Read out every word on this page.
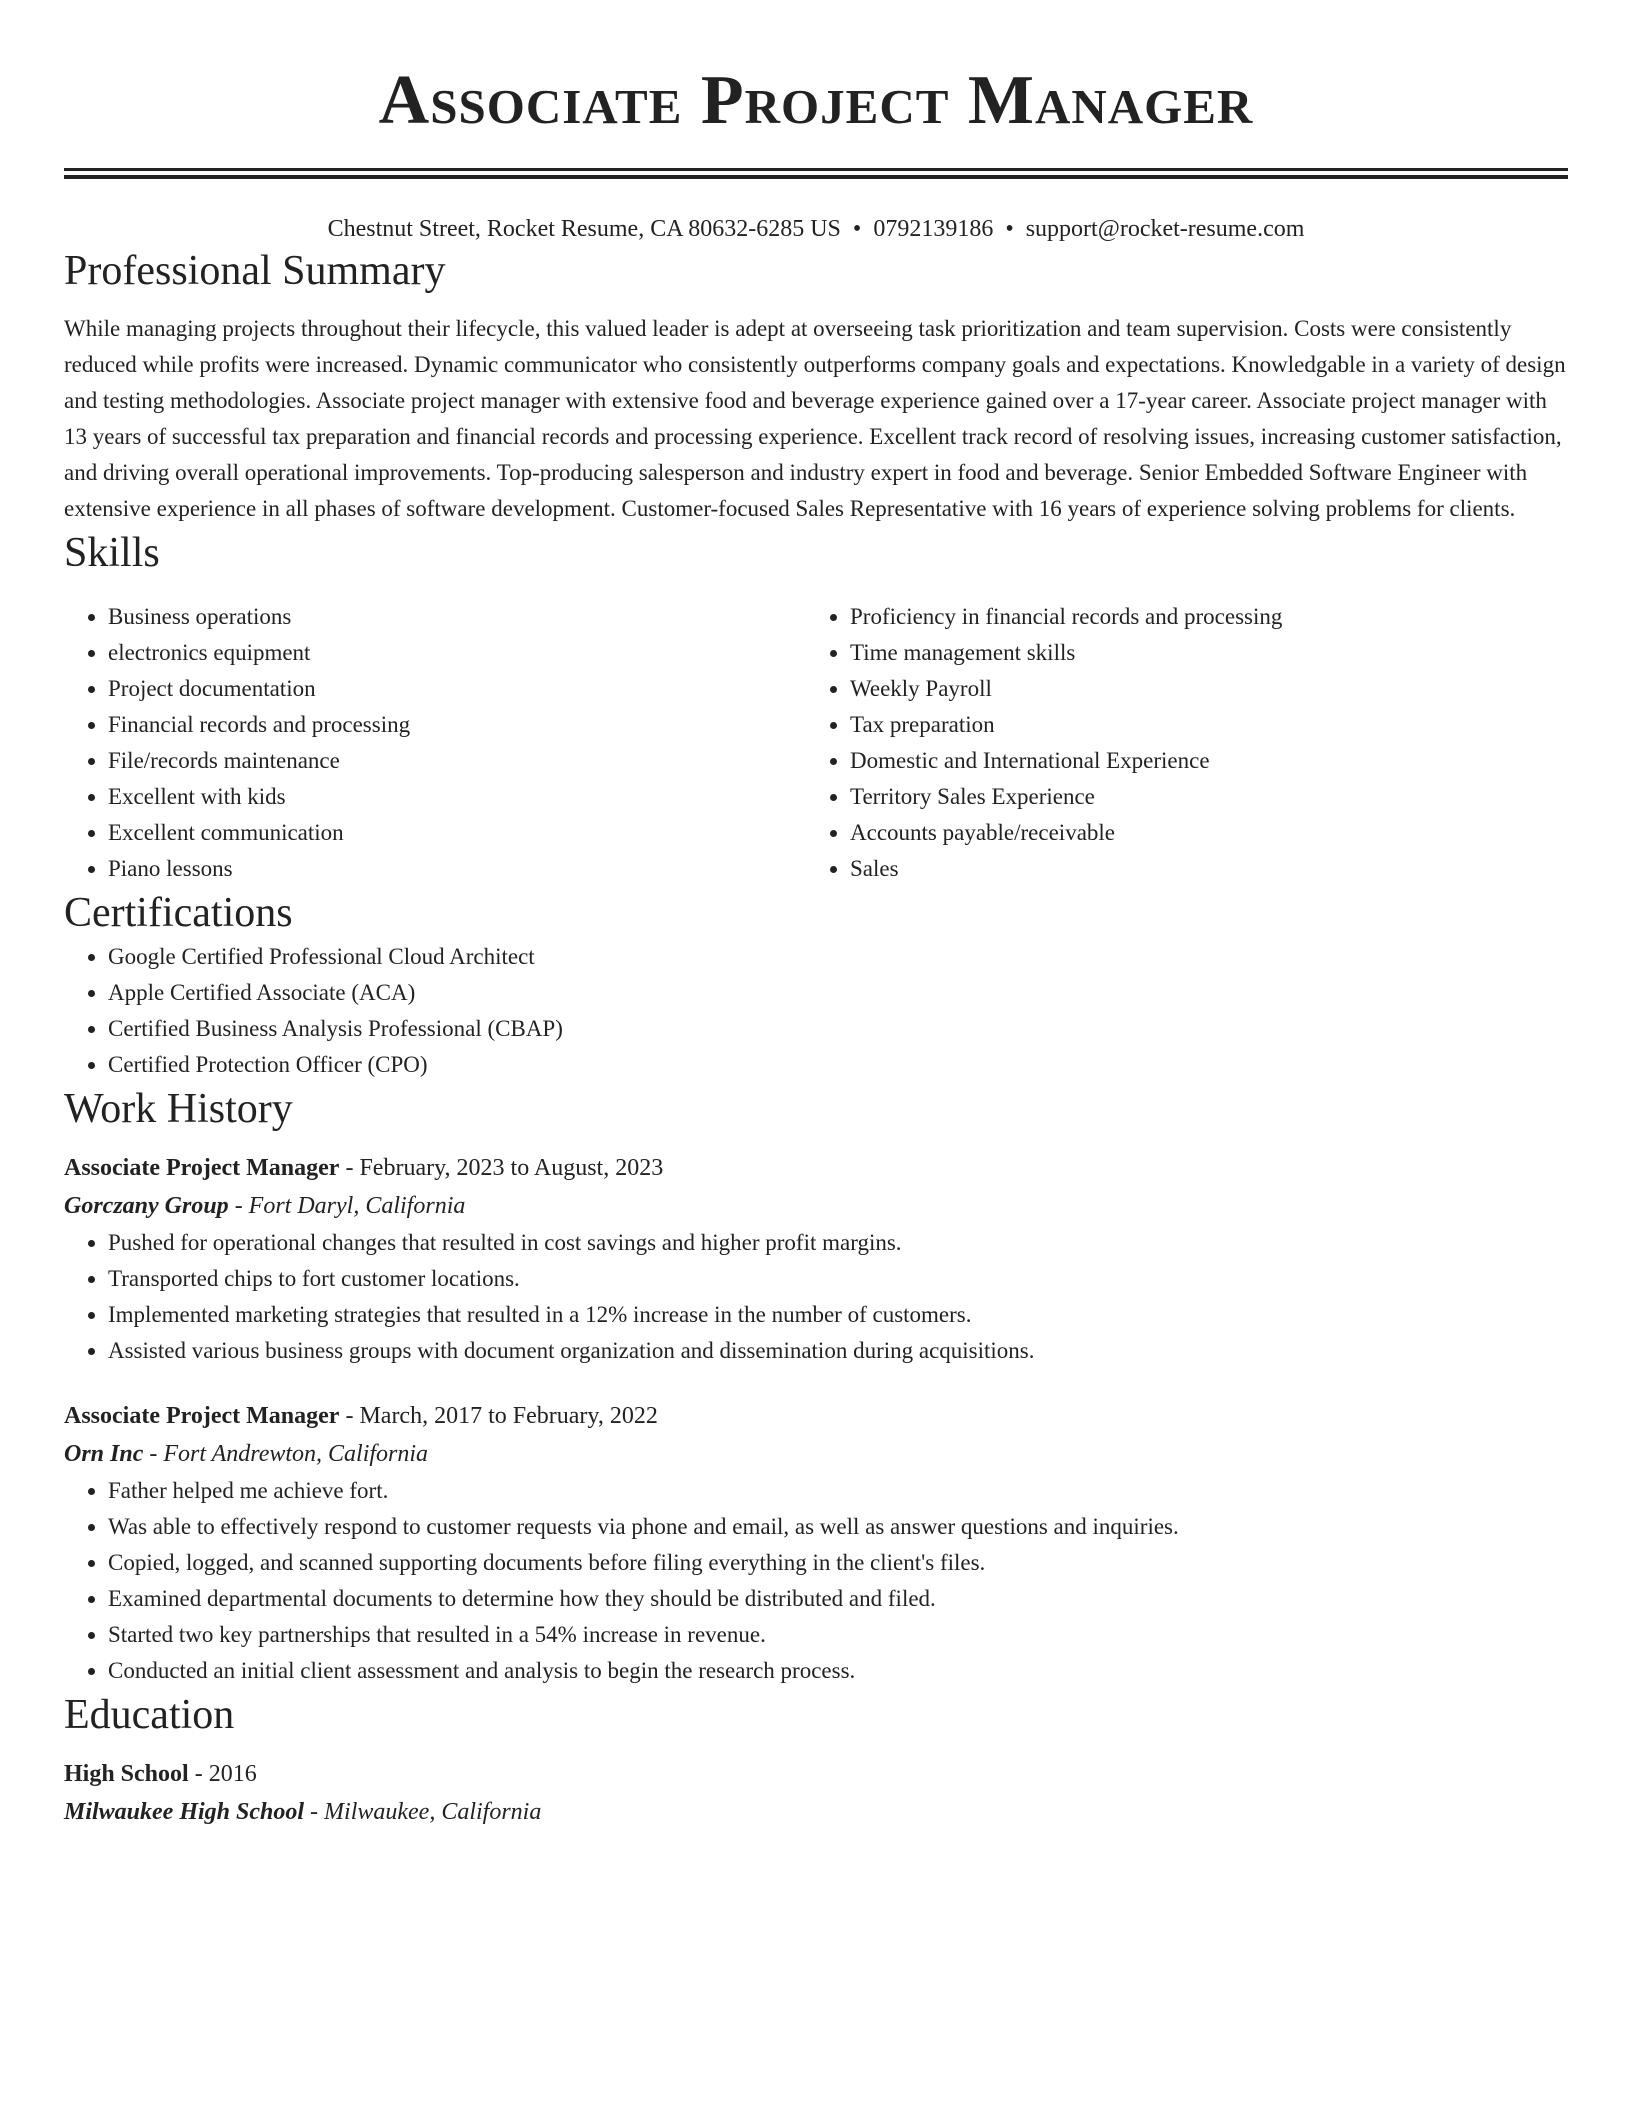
Associate Project Manager
Chestnut Street, Rocket Resume, CA 80632-6285 US • 0792139186 • support@rocket-resume.com
Professional Summary

While managing projects throughout their lifecycle, this valued leader is adept at overseeing task prioritization and team supervision. Costs were consistently reduced while profits were increased. Dynamic communicator who consistently outperforms company goals and expectations. Knowledgable in a variety of design and testing methodologies. Associate project manager with extensive food and beverage experience gained over a 17-year career. Associate project manager with 13 years of successful tax preparation and financial records and processing experience. Excellent track record of resolving issues, increasing customer satisfaction, and driving overall operational improvements. Top-producing salesperson and industry expert in food and beverage. Senior Embedded Software Engineer with extensive experience in all phases of software development. Customer-focused Sales Representative with 16 years of experience solving problems for clients.

Skills
• Business operations
• electronics equipment
• Project documentation
• Financial records and processing
• File/records maintenance
• Excellent with kids
• Excellent communication
• Piano lessons
• Proficiency in financial records and processing
• Time management skills
• Weekly Payroll
• Tax preparation
• Domestic and International Experience
• Territory Sales Experience
• Accounts payable/receivable
• Sales
Certifications
• Google Certified Professional Cloud Architect
• Apple Certified Associate (ACA)
• Certified Business Analysis Professional (CBAP)
• Certified Protection Officer (CPO)
Work History
Associate Project Manager - February, 2023 to August, 2023
Gorczany Group - Fort Daryl, California
• Pushed for operational changes that resulted in cost savings and higher profit margins.
• Transported chips to fort customer locations.
• Implemented marketing strategies that resulted in a 12% increase in the number of customers.
• Assisted various business groups with document organization and dissemination during acquisitions.
Associate Project Manager - March, 2017 to February, 2022
Orn Inc - Fort Andrewton, California
• Father helped me achieve fort.
• Was able to effectively respond to customer requests via phone and email, as well as answer questions and inquiries.
• Copied, logged, and scanned supporting documents before filing everything in the client's files.
• Examined departmental documents to determine how they should be distributed and filed.
• Started two key partnerships that resulted in a 54% increase in revenue.
• Conducted an initial client assessment and analysis to begin the research process.
Education
High School - 2016
Milwaukee High School - Milwaukee, California
